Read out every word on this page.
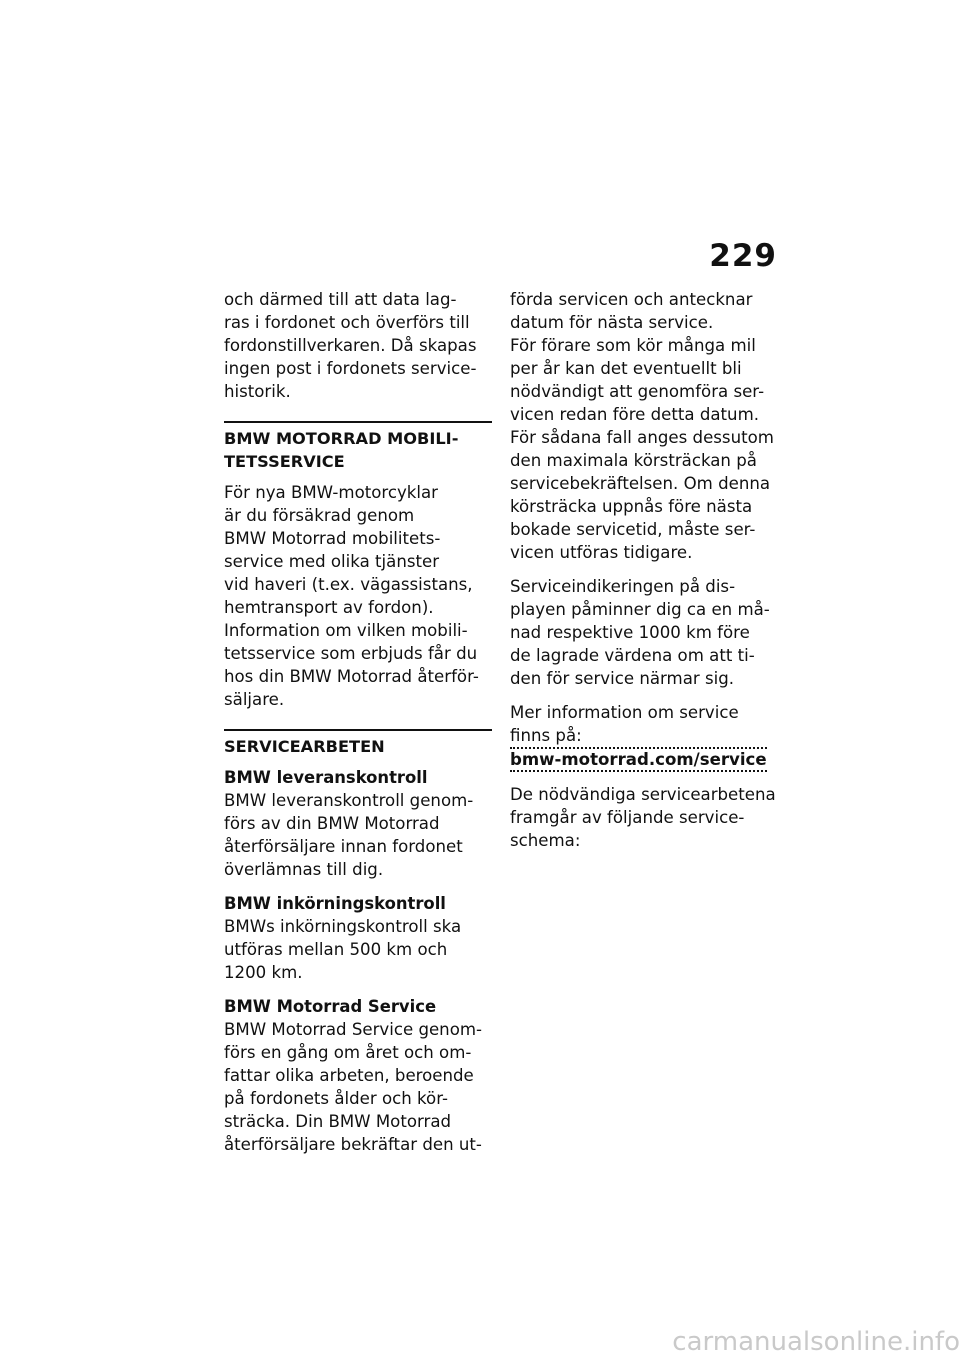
229

och därmed till att data lag-
ras i fordonet och överförs till
fordonstillverkaren. Då skapas
ingen post i fordonets service-
historik.

BMW MOTORRAD MOBILI-
TETSSERVICE

För nya BMW-motorcyklar
är du försäkrad genom
BMW Motorrad mobilitets-
service med olika tjänster
vid haveri (t.ex. vägassistans,
hemtransport av fordon).
Information om vilken mobili-
tetsservice som erbjuds får du
hos din BMW Motorrad återför-
säljare.

SERVICEARBETEN
BMW leveranskontroll

BMW leveranskontroll genom-
förs av din BMW Motorrad
återförsäljare innan fordonet
överlämnas till dig.

BMW inkörningskontroll

BMWs inkörningskontroll ska
utföras mellan 500 km och
1200 km.

BMW Motorrad Service

BMW Motorrad Service genom-
förs en gång om året och om-
fattar olika arbeten, beroende
på fordonets ålder och kör-
sträcka. Din BMW Motorrad
återförsäljare bekräftar den ut-

förda servicen och antecknar
datum för nästa service.
För förare som kör många mil
per år kan det eventuellt bli
nödvändigt att genomföra ser-
vicen redan före detta datum.
För sådana fall anges dessutom
den maximala körsträckan på
servicebekräftelsen. Om denna
körsträcka uppnås före nästa
bokade servicetid, måste ser-
vicen utföras tidigare.

Serviceindikeringen på dis-
playen påminner dig ca en må-
nad respektive 1000 km före
de lagrade värdena om att ti-
den för service närmar sig.

Mer information om service
finns på:

bmw-motorrad.com/service

De nödvändiga servicearbetena
framgår av följande service-
schema:

carmanualsonline.info
